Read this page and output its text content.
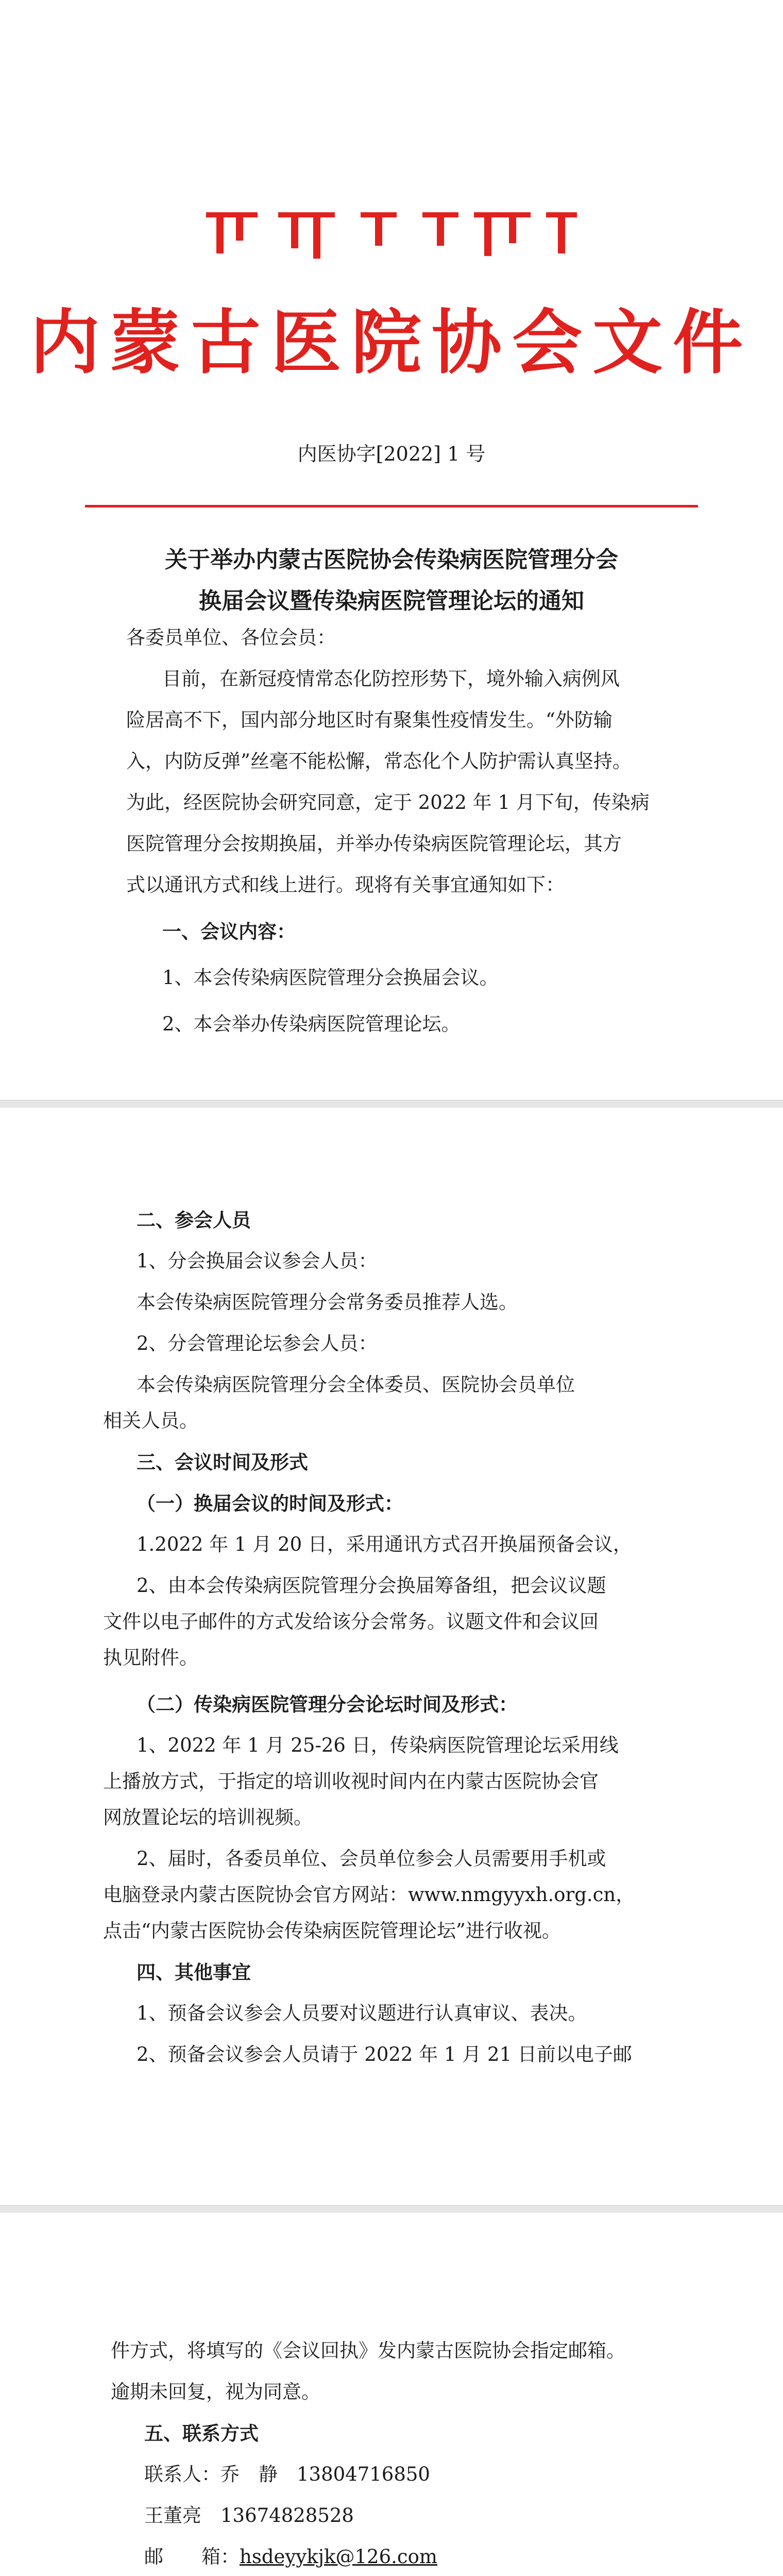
内蒙古医院协会文件
内医协字[2022] 1 号
关于举办内蒙古医院协会传染病医院管理分会
换届会议暨传染病医院管理论坛的通知
各委员单位、各位会员：
目前，在新冠疫情常态化防控形势下，境外输入病例风
险居高不下，国内部分地区时有聚集性疫情发生。“外防输
入，内防反弹”丝毫不能松懈，常态化个人防护需认真坚持。
为此，经医院协会研究同意，定于 2022 年 1 月下旬，传染病
医院管理分会按期换届，并举办传染病医院管理论坛，其方
式以通讯方式和线上进行。现将有关事宜通知如下：
一、会议内容：
1、本会传染病医院管理分会换届会议。
2、本会举办传染病医院管理论坛。
二、参会人员
1、分会换届会议参会人员：
本会传染病医院管理分会常务委员推荐人选。
2、分会管理论坛参会人员：
本会传染病医院管理分会全体委员、医院协会员单位
相关人员。
三、会议时间及形式
（一）换届会议的时间及形式：
1.2022 年 1 月 20 日，采用通讯方式召开换届预备会议，
2、由本会传染病医院管理分会换届筹备组，把会议议题
文件以电子邮件的方式发给该分会常务。议题文件和会议回
执见附件。
（二）传染病医院管理分会论坛时间及形式：
1、2022 年 1 月 25-26 日，传染病医院管理论坛采用线
上播放方式，于指定的培训收视时间内在内蒙古医院协会官
网放置论坛的培训视频。
2、届时，各委员单位、会员单位参会人员需要用手机或
电脑登录内蒙古医院协会官方网站：www.nmgyyxh.org.cn，
点击“内蒙古医院协会传染病医院管理论坛”进行收视。
四、其他事宜
1、预备会议参会人员要对议题进行认真审议、表决。
2、预备会议参会人员请于 2022 年 1 月 21 日前以电子邮
件方式，将填写的《会议回执》发内蒙古医院协会指定邮箱。
逾期未回复，视为同意。
五、联系方式
联系人：乔　静　13804716850
王董亮　13674828528
邮　　箱：hsdeyykjk@126.com
